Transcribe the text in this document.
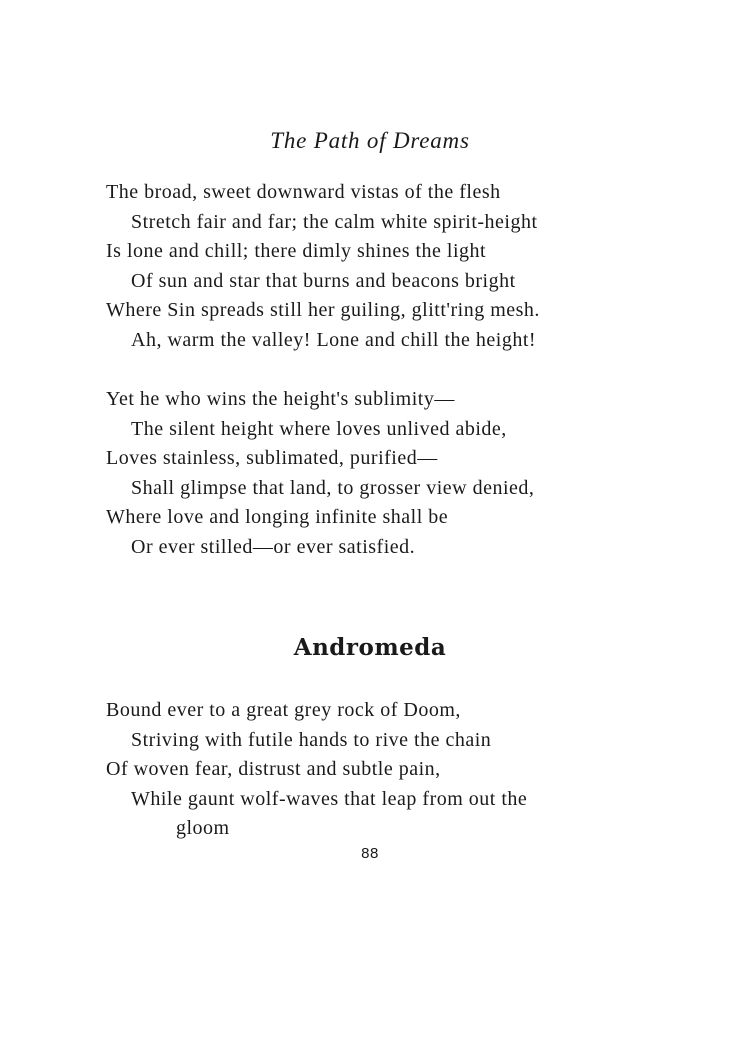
The Path of Dreams
The broad, sweet downward vistas of the flesh
Stretch fair and far; the calm white spirit-height
Is lone and chill; there dimly shines the light
Of sun and star that burns and beacons bright
Where Sin spreads still her guiling, glitt'ring mesh.
Ah, warm the valley! Lone and chill the height!
Yet he who wins the height's sublimity—
The silent height where loves unlived abide,
Loves stainless, sublimated, purified—
Shall glimpse that land, to grosser view denied,
Where love and longing infinite shall be
Or ever stilled—or ever satisfied.
Andromeda
Bound ever to a great grey rock of Doom,
Striving with futile hands to rive the chain
Of woven fear, distrust and subtle pain,
While gaunt wolf-waves that leap from out the
gloom
88
